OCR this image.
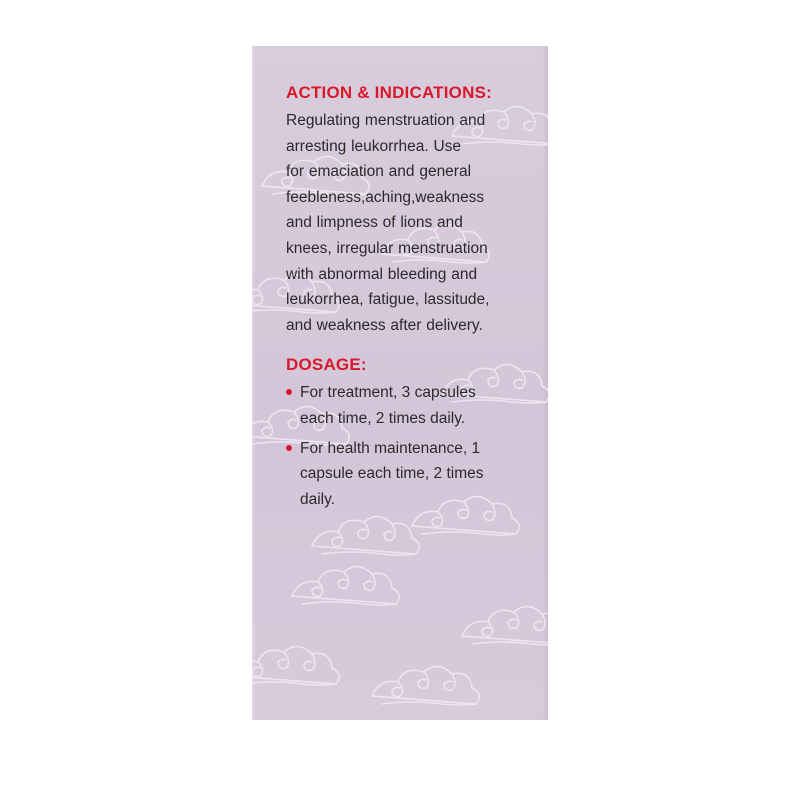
ACTION & INDICATIONS:

Regulating menstruation and
arresting leukorrhea. Use
for emaciation and general
feebleness,aching,weakness
and limpness of lions and
knees, irregular menstruation
with abnormal bleeding and
leukorrhea, fatigue, lassitude,
and weakness after delivery.

DOSAGE:
For treatment, 3 capsules
each time, 2 times daily.
For health maintenance, 1
capsule each time, 2 times
daily.
